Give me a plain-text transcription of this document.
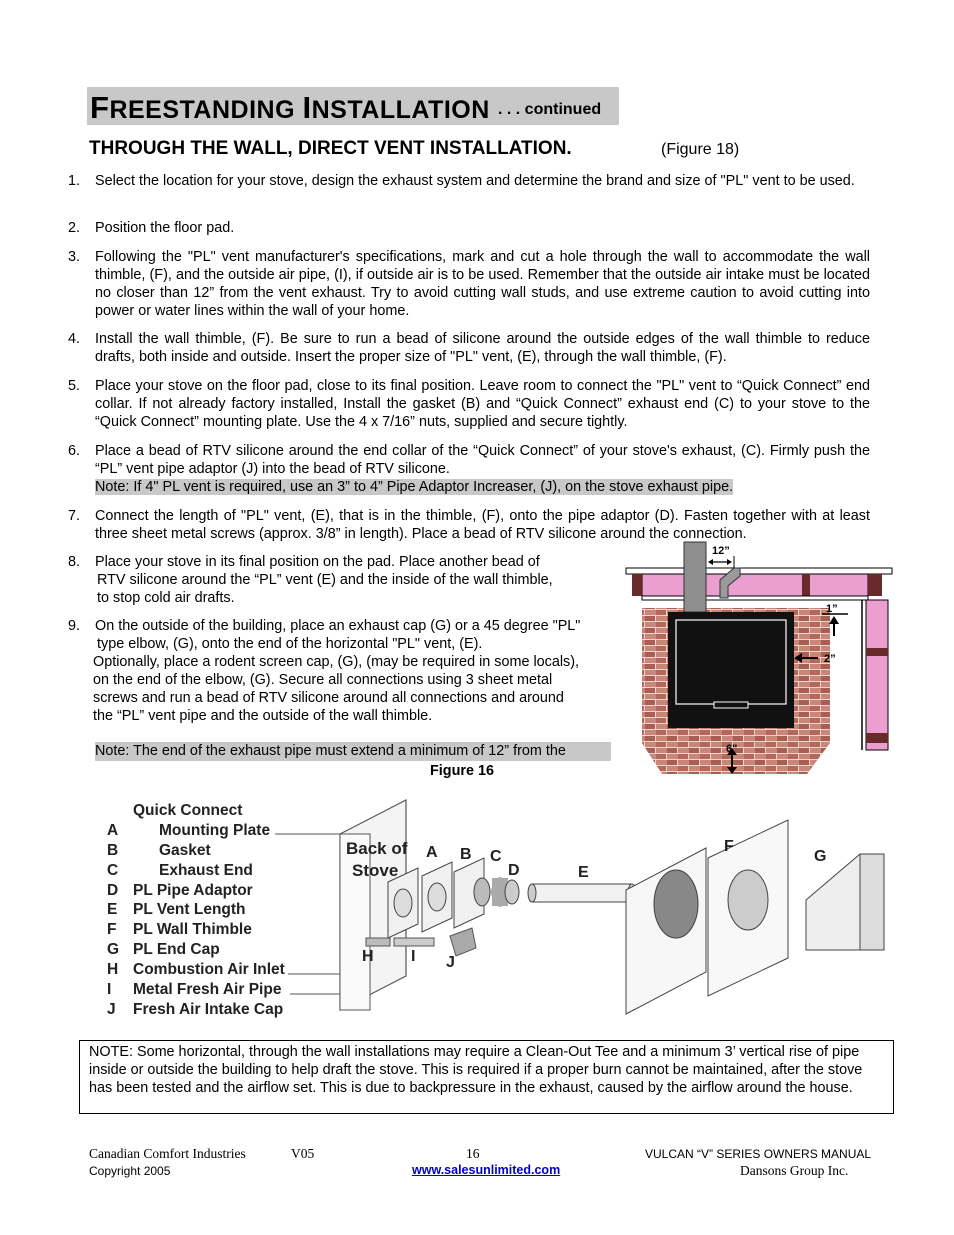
FREESTANDING INSTALLATION . . . continued
THROUGH THE WALL, DIRECT VENT INSTALLATION.	(Figure 18)
1. Select the location for your stove, design the exhaust system and determine the brand and size of "PL" vent to be used.
2. Position the floor pad.
3. Following the "PL" vent manufacturer's specifications, mark and cut a hole through the wall to accommodate the wall thimble, (F), and the outside air pipe, (I), if outside air is to be used. Remember that the outside air intake must be located no closer than 12” from the vent exhaust. Try to avoid cutting wall studs, and use extreme caution to avoid cutting into power or water lines within the wall of your home.
4. Install the wall thimble, (F). Be sure to run a bead of silicone around the outside edges of the wall thimble to reduce drafts, both inside and outside. Insert the proper size of "PL" vent, (E), through the wall thimble, (F).
5. Place your stove on the floor pad, close to its final position. Leave room to connect the "PL" vent to “Quick Connect” end collar. If not already factory installed, Install the gasket (B) and “Quick Connect” exhaust end (C) to your stove to the “Quick Connect” mounting plate. Use the 4 x 7/16” nuts, supplied and secure tightly.
6. Place a bead of RTV silicone around the end collar of the “Quick Connect” of your stove's exhaust, (C). Firmly push the “PL” vent pipe adaptor (J) into the bead of RTV silicone.
Note: If 4" PL vent is required, use an 3” to 4” Pipe Adaptor Increaser, (J), on the stove exhaust pipe.
7. Connect the length of "PL" vent, (E), that is in the thimble, (F), onto the pipe adaptor (D). Fasten together with at least three sheet metal screws (approx. 3/8” in length). Place a bead of RTV silicone around the connection.
8. Place your stove in its final position on the pad. Place another bead of
RTV silicone around the “PL” vent (E) and the inside of the wall thimble,
to stop cold air drafts.
9. On the outside of the building, place an exhaust cap (G) or a 45 degree "PL"
type elbow, (G), onto the end of the horizontal "PL" vent, (E).
Optionally, place a rodent screen cap, (G), (may be required in some locals),
on the end of the elbow, (G). Secure all connections using 3 sheet metal
screws and run a bead of RTV silicone around all connections and around
the “PL” vent pipe and the outside of the wall thimble.
Note: The end of the exhaust pipe must extend a minimum of 12” from the
12”
1”
2”
6"
Figure 16
Quick Connect
A	Mounting Plate
B	Gasket
C	Exhaust End
D PL Pipe Adaptor
E PL Vent Length
F PL Wall Thimble
G PL End Cap
H Combustion Air Inlet
I Metal Fresh Air Pipe
J Fresh Air Intake Cap
Back of
Stove
A B C
D	E
F
G
H I J
NOTE: Some horizontal, through the wall installations may require a Clean-Out Tee and a minimum 3’ vertical rise of pipe inside or outside the building to help draft the stove. This is required if a proper burn cannot be maintained, after the stove has been tested and the airflow set. This is due to backpressure in the exhaust, caused by the airflow around the house.
Canadian Comfort Industries	V05	16	VULCAN “V” SERIES OWNERS MANUAL
Copyright 2005	www.salesunlimited.com	Dansons Group Inc.
